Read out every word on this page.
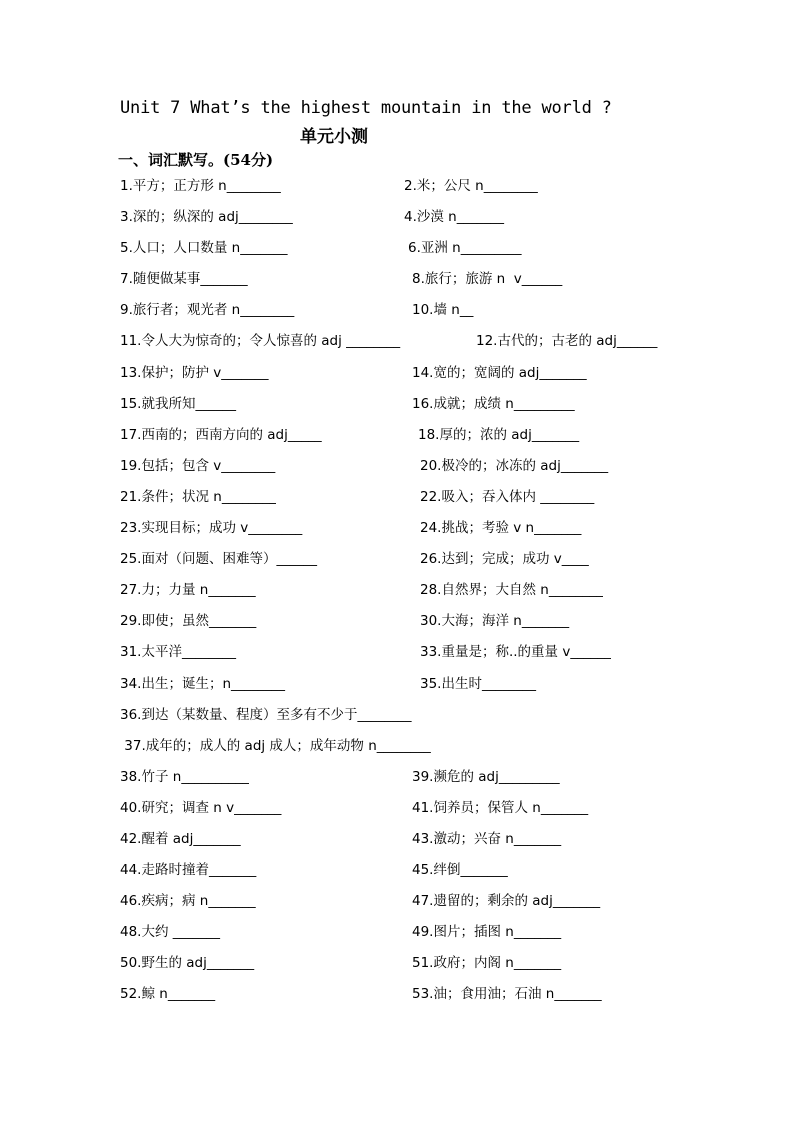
Unit 7 What’s the highest mountain in the world ?
单元小测
一、词汇默写。(54分)
1.平方；正方形 n________	2.米；公尺 n________
3.深的；纵深的 adj________	4.沙漠 n_______
5.人口；人口数量 n_______	6.亚洲 n_________
7.随便做某事_______	8.旅行；旅游 n  v______
9.旅行者；观光者 n________	10.墙 n__
11.令人大为惊奇的；令人惊喜的 adj ________	12.古代的；古老的 adj______
13.保护；防护 v_______	14.宽的；宽阔的 adj_______
15.就我所知______	16.成就；成绩 n_________
17.西南的；西南方向的 adj_____	18.厚的；浓的 adj_______
19.包括；包含 v________	20.极冷的；冰冻的 adj_______
21.条件；状况 n________	22.吸入；吞入体内 ________
23.实现目标；成功 v________	24.挑战；考验 v n_______
25.面对（问题、困难等）______	26.达到；完成；成功 v____
27.力；力量 n_______	28.自然界；大自然 n________
29.即使；虽然_______	30.大海；海洋 n_______
31.太平洋________	33.重量是；称..的重量 v______
34.出生；诞生；n________	35.出生时________
36.到达（某数量、程度）至多有不少于________
37.成年的；成人的 adj 成人；成年动物 n________
38.竹子 n__________	39.濒危的 adj_________
40.研究；调查 n v_______	41.饲养员；保管人 n_______
42.醒着 adj_______	43.激动；兴奋 n_______
44.走路时撞着_______	45.绊倒_______
46.疾病；病 n_______	47.遗留的；剩余的 adj_______
48.大约 _______	49.图片；插图 n_______
50.野生的 adj_______	51.政府；内阁 n_______
52.鲸 n_______	53.油；食用油；石油 n_______
